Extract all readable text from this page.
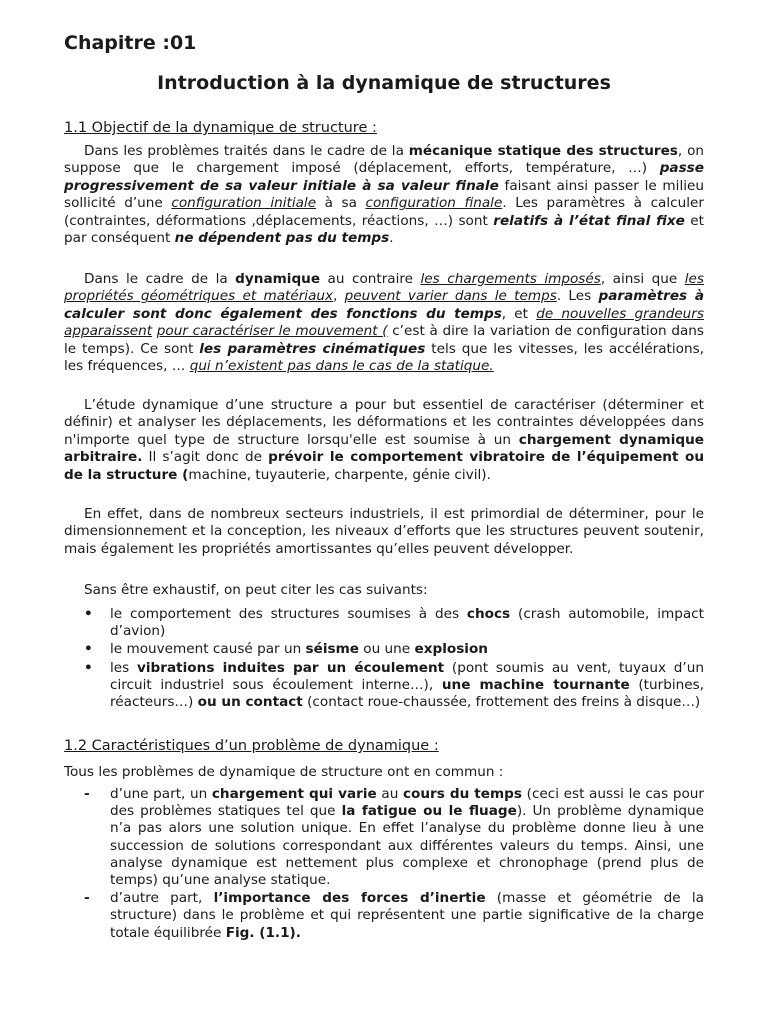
Chapitre :01
Introduction à la dynamique de structures
1.1 Objectif de la dynamique de structure :

Dans les problèmes traités dans le cadre de la mécanique statique des structures, on suppose que le chargement imposé (déplacement, efforts, température, …) passe progressivement de sa valeur initiale à sa valeur finale faisant ainsi passer le milieu sollicité d’une configuration initiale à sa configuration finale. Les paramètres à calculer (contraintes, déformations ,déplacements, réactions, …) sont relatifs à l’état final fixe et par conséquent ne dépendent pas du temps.

Dans le cadre de la dynamique au contraire les chargements imposés, ainsi que les propriétés géométriques et matériaux, peuvent varier dans le temps. Les paramètres à calculer sont donc également des fonctions du temps, et de nouvelles grandeurs apparaissent pour caractériser le mouvement ( c’est à dire la variation de configuration dans le temps). Ce sont les paramètres cinématiques tels que les vitesses, les accélérations, les fréquences, … qui n’existent pas dans le cas de la statique.

L’étude dynamique d’une structure a pour but essentiel de caractériser (déterminer et définir) et analyser les déplacements, les déformations et les contraintes développées dans n'importe quel type de structure lorsqu'elle est soumise à un chargement dynamique arbitraire. Il s’agit donc de prévoir le comportement vibratoire de l’équipement ou de la structure (machine, tuyauterie, charpente, génie civil).

En effet, dans de nombreux secteurs industriels, il est primordial de déterminer, pour le dimensionnement et la conception, les niveaux d’efforts que les structures peuvent soutenir, mais également les propriétés amortissantes qu’elles peuvent développer.

Sans être exhaustif, on peut citer les cas suivants:

• le comportement des structures soumises à des chocs (crash automobile, impact d’avion)
• le mouvement causé par un séisme ou une explosion
• les vibrations induites par un écoulement (pont soumis au vent, tuyaux d’un circuit industriel sous écoulement interne…), une machine tournante (turbines, réacteurs…) ou un contact (contact roue-chaussée, frottement des freins à disque…)
1.2 Caractéristiques d’un problème de dynamique :

Tous les problèmes de dynamique de structure ont en commun :

- d’une part, un chargement qui varie au cours du temps (ceci est aussi le cas pour des problèmes statiques tel que la fatigue ou le fluage). Un problème dynamique n’a pas alors une solution unique. En effet l’analyse du problème donne lieu à une succession de solutions correspondant aux différentes valeurs du temps. Ainsi, une analyse dynamique est nettement plus complexe et chronophage (prend plus de temps) qu’une analyse statique.
- d’autre part, l’importance des forces d’inertie (masse et géométrie de la structure) dans le problème et qui représentent une partie significative de la charge totale équilibrée Fig. (1.1).
